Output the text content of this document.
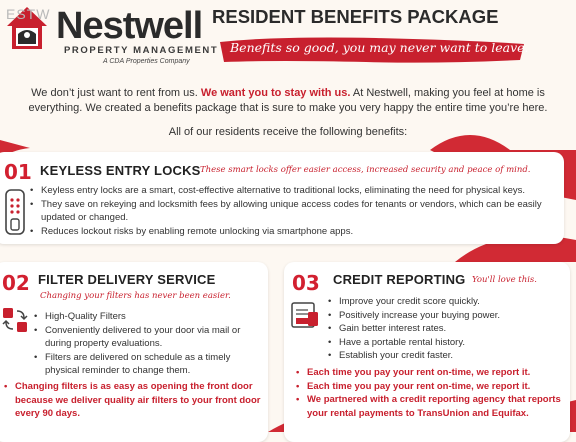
Nestwell
PROPERTY MANAGEMENT
A CDA Properties Company
ESTW	RESIDENT BENEFITS PACKAGE
Benefits so good, you may never want to leave.
We don’t just want to rent from us. We want you to stay with us. At Nestwell, making you feel at home is everything. We created a benefits package that is sure to make you very happy the entire time you’re here.
All of our residents receive the following benefits:
01 KEYLESS ENTRY LOCKS These smart locks offer easier access, increased security and peace of mind.
• Keyless entry locks are a smart, cost-effective alternative to traditional locks, eliminating the need for physical keys.
• They save on rekeying and locksmith fees by allowing unique access codes for tenants or vendors, which can be easily updated or changed.
• Reduces lockout risks by enabling remote unlocking via smartphone apps.
02 FILTER DELIVERY SERVICE
Changing your filters has never been easier.
• High-Quality Filters
• Conveniently delivered to your door via mail or during property evaluations.
• Filters are delivered on schedule as a timely physical reminder to change them.
• Changing filters is as easy as opening the front door because we deliver quality air filters to your front door every 90 days.
03 CREDIT REPORTING You'll love this.
• Improve your credit score quickly.
• Positively increase your buying power.
• Gain better interest rates.
• Have a portable rental history.
• Establish your credit faster.
• Each time you pay your rent on-time, we report it.
• Each time you pay your rent on-time, we report it.
• We partnered with a credit reporting agency that reports your rental payments to TransUnion and Equifax.
